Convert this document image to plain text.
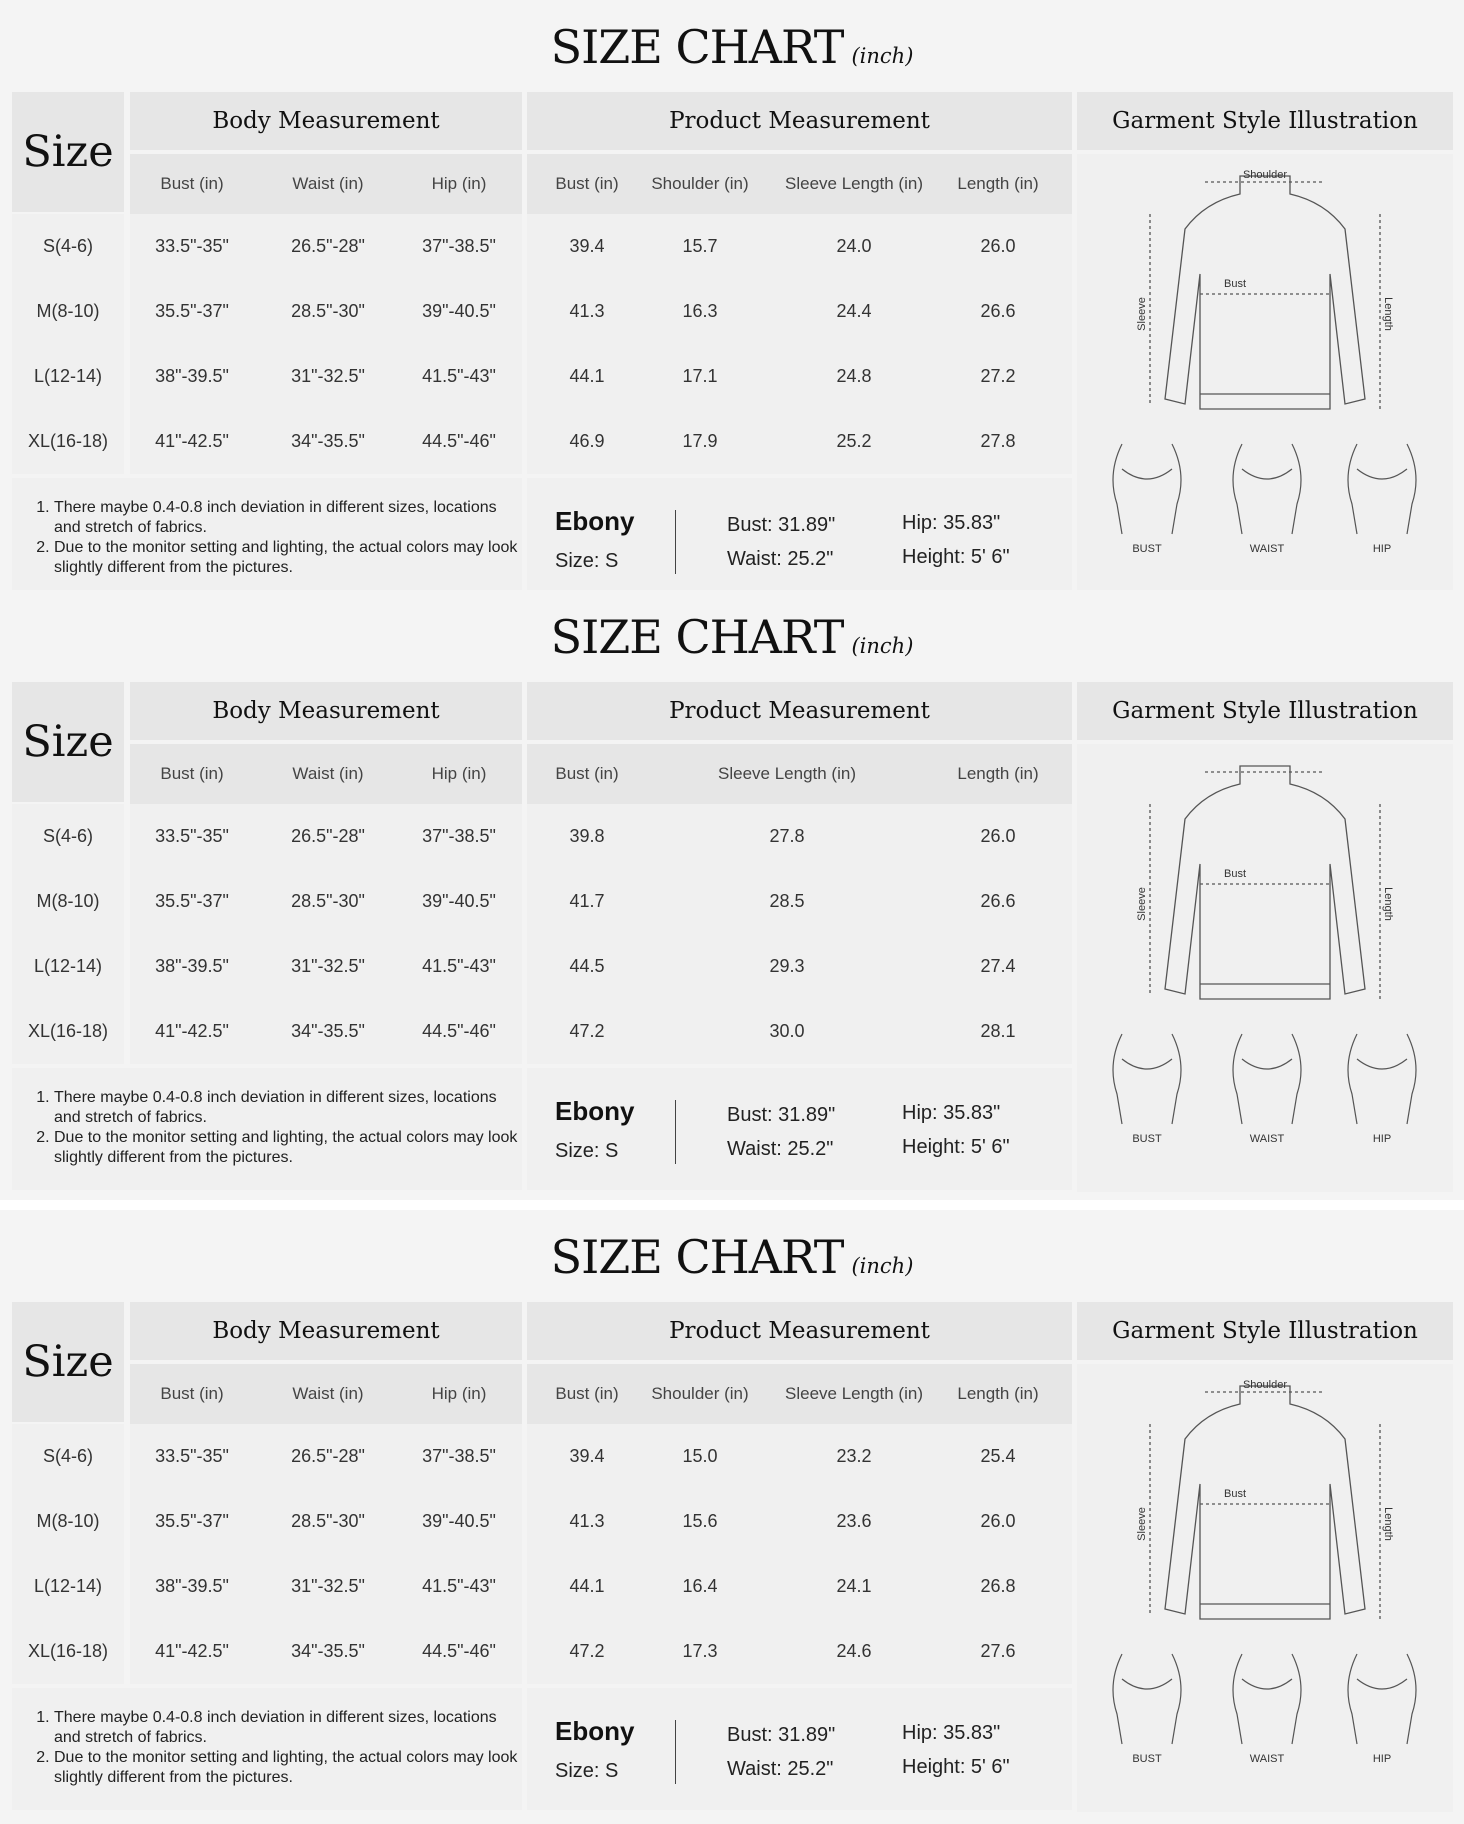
SIZE CHART (inch)
Size
Body Measurement
Bust (in)	Waist (in)	Hip (in)
Product Measurement
Bust (in) Shoulder (in) Sleeve Length (in) Length (in)
Garment Style Illustration
S(4-6)	33.5"-35"	26.5"-28"	37"-38.5"	39.4	15.7	24.0	26.0
M(8-10)	35.5"-37"	28.5"-30"	39"-40.5"	41.3	16.3	24.4	26.6
L(12-14)	38"-39.5"	31"-32.5"	41.5"-43"	44.1	17.1	24.8	27.2
XL(16-18)	41"-42.5"	34"-35.5"	44.5"-46"	46.9	17.9	25.2	27.8
1. There maybe 0.4-0.8 inch deviation in different sizes, locations and stretch of fabrics.
2. Due to the monitor setting and lighting, the actual colors may look slightly different from the pictures.
Ebony
Size: S
Bust: 31.89"
Waist: 25.2"
Hip: 35.83"
Height: 5' 6"
Shoulder
Bust
Sleeve	Length
BUST	WAIST	HIP
SIZE CHART (inch)
Size
Body Measurement
Bust (in)	Waist (in)	Hip (in)
Product Measurement
Bust (in)	Sleeve Length (in)	Length (in)
Garment Style Illustration
S(4-6)	33.5"-35"	26.5"-28"	37"-38.5"	39.8	27.8	26.0
M(8-10)	35.5"-37"	28.5"-30"	39"-40.5"	41.7	28.5	26.6
L(12-14)	38"-39.5"	31"-32.5"	41.5"-43"	44.5	29.3	27.4
XL(16-18)	41"-42.5"	34"-35.5"	44.5"-46"	47.2	30.0	28.1
1. There maybe 0.4-0.8 inch deviation in different sizes, locations and stretch of fabrics.
2. Due to the monitor setting and lighting, the actual colors may look slightly different from the pictures.
Ebony
Size: S
Bust: 31.89"
Waist: 25.2"
Hip: 35.83"
Height: 5' 6"
Bust
Sleeve	Length
BUST	WAIST	HIP
SIZE CHART (inch)
Size
Body Measurement
Bust (in)	Waist (in)	Hip (in)
Product Measurement
Bust (in) Shoulder (in) Sleeve Length (in) Length (in)
Garment Style Illustration
S(4-6)	33.5"-35"	26.5"-28"	37"-38.5"	39.4	15.0	23.2	25.4
M(8-10)	35.5"-37"	28.5"-30"	39"-40.5"	41.3	15.6	23.6	26.0
L(12-14)	38"-39.5"	31"-32.5"	41.5"-43"	44.1	16.4	24.1	26.8
XL(16-18)	41"-42.5"	34"-35.5"	44.5"-46"	47.2	17.3	24.6	27.6
1. There maybe 0.4-0.8 inch deviation in different sizes, locations and stretch of fabrics.
2. Due to the monitor setting and lighting, the actual colors may look slightly different from the pictures.
Ebony
Size: S
Bust: 31.89"
Waist: 25.2"
Hip: 35.83"
Height: 5' 6"
Shoulder
Bust
Sleeve	Length
BUST	WAIST	HIP
